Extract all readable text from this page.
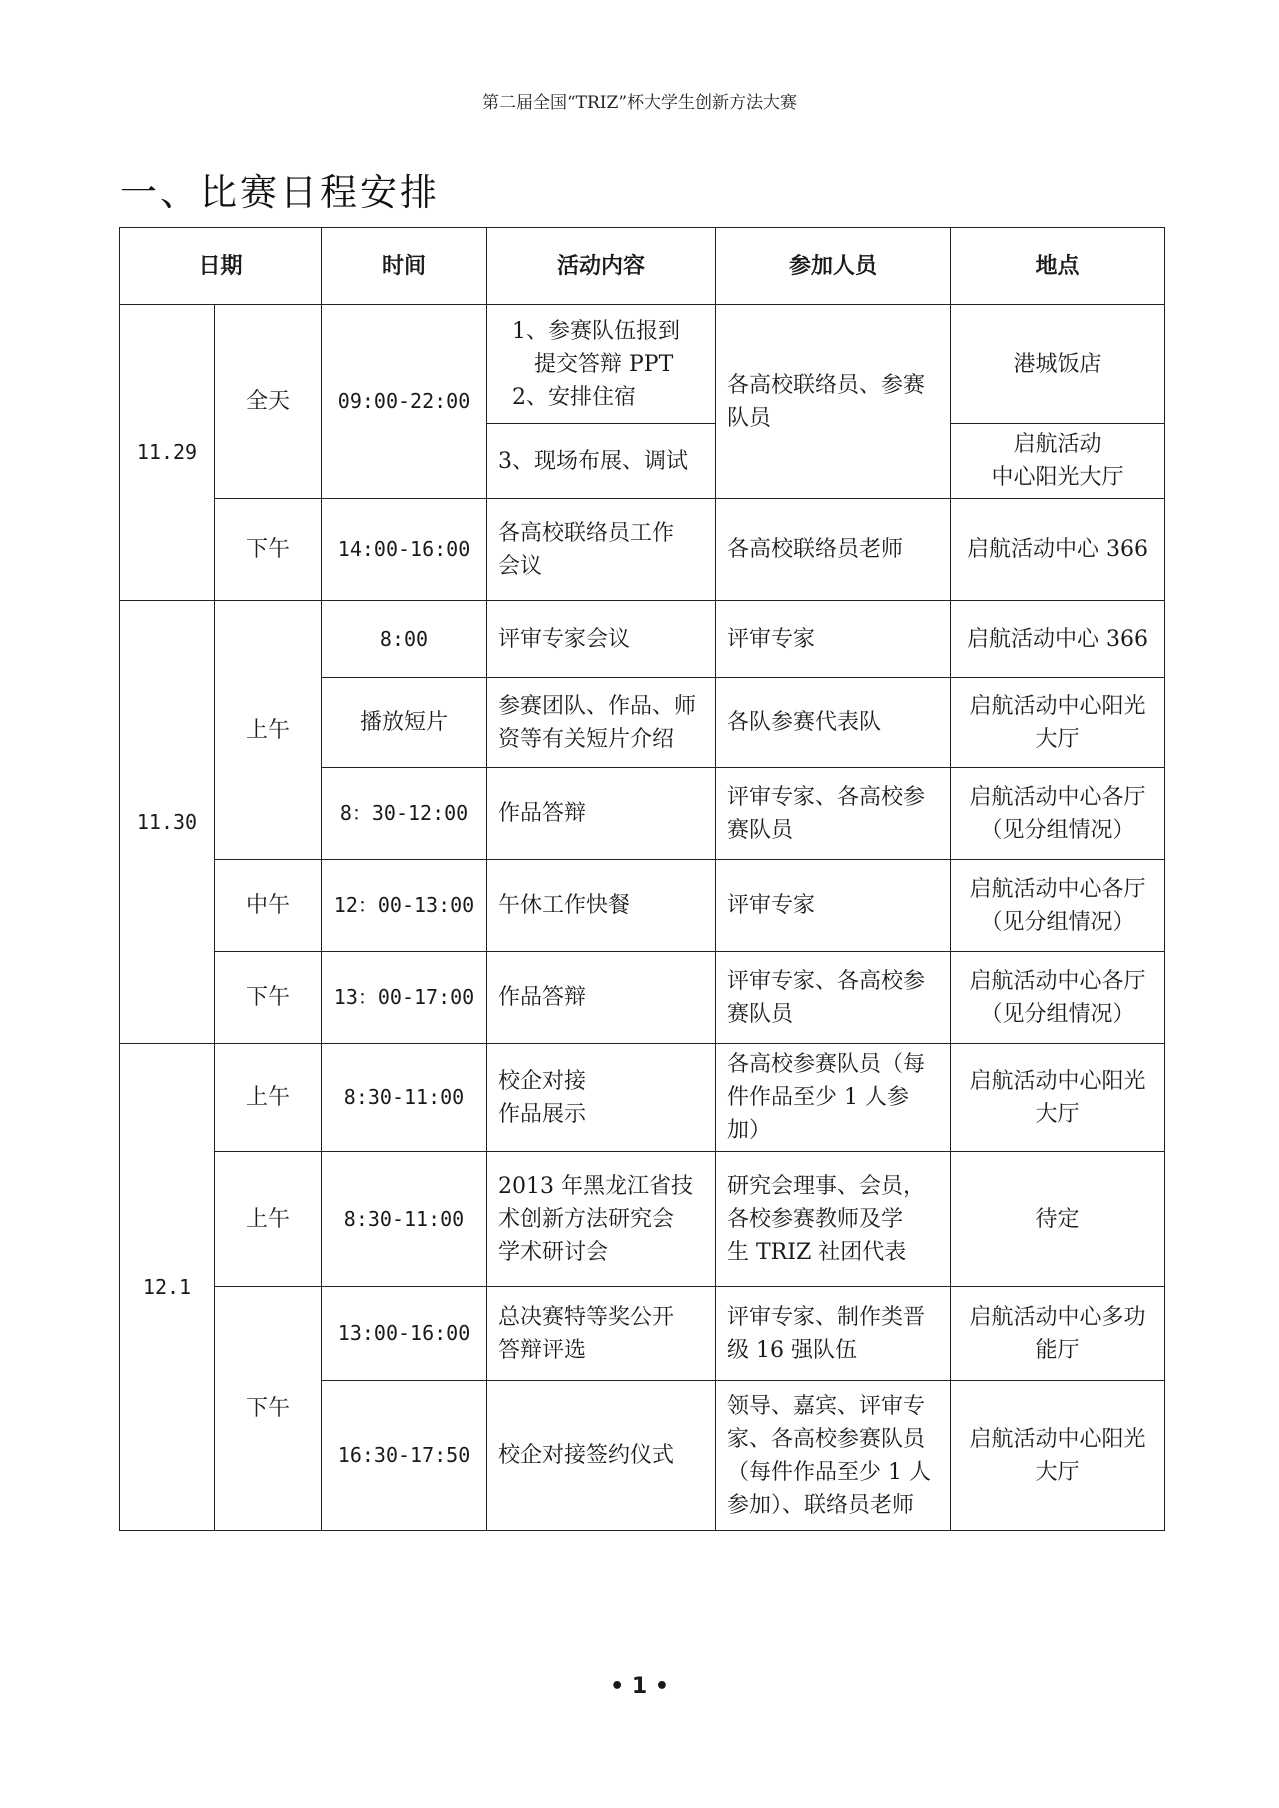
第二届全国“TRIZ”杯大学生创新方法大赛
一、比赛日程安排
日期		时间	活动内容	参加人员	地点
11.29	全天	09:00-22:00	1、参赛队伍报到
提交答辩 PPT
2、安排住宿	各高校联络员、参赛
队员	港城饭店
			3、现场布展、调试		启航活动
中心阳光大厅

	下午	14:00-16:00	各高校联络员工作
会议	各高校联络员老师	启航活动中心 366
11.30	上午	8:00	评审专家会议	评审专家	启航活动中心 366
		播放短片	参赛团队、作品、师
资等有关短片介绍	各队参赛代表队	启航活动中心阳光
大厅

		8：30-12:00	作品答辩	评审专家、各高校参
赛队员	启航活动中心各厅
（见分组情况）

	中午	12：00-13:00	午休工作快餐	评审专家	启航活动中心各厅
（见分组情况）

	下午	13：00-17:00	作品答辩	评审专家、各高校参
赛队员	启航活动中心各厅
（见分组情况）

12.1	上午	8:30-11:00	校企对接
作品展示	各高校参赛队员（每
件作品至少 1 人参
加）	启航活动中心阳光
大厅

	上午	8:30-11:00	2013 年黑龙江省技
术创新方法研究会
学术研讨会	研究会理事、会员，
各校参赛教师及学
生 TRIZ 社团代表	待定
	下午	13:00-16:00	总决赛特等奖公开
答辩评选	评审专家、制作类晋
级 16 强队伍	启航活动中心多功
能厅

		16:30-17:50	校企对接签约仪式	领导、嘉宾、评审专
家、各高校参赛队员
（每件作品至少 1 人
参加）、联络员老师	启航活动中心阳光
大厅
• 1 •
